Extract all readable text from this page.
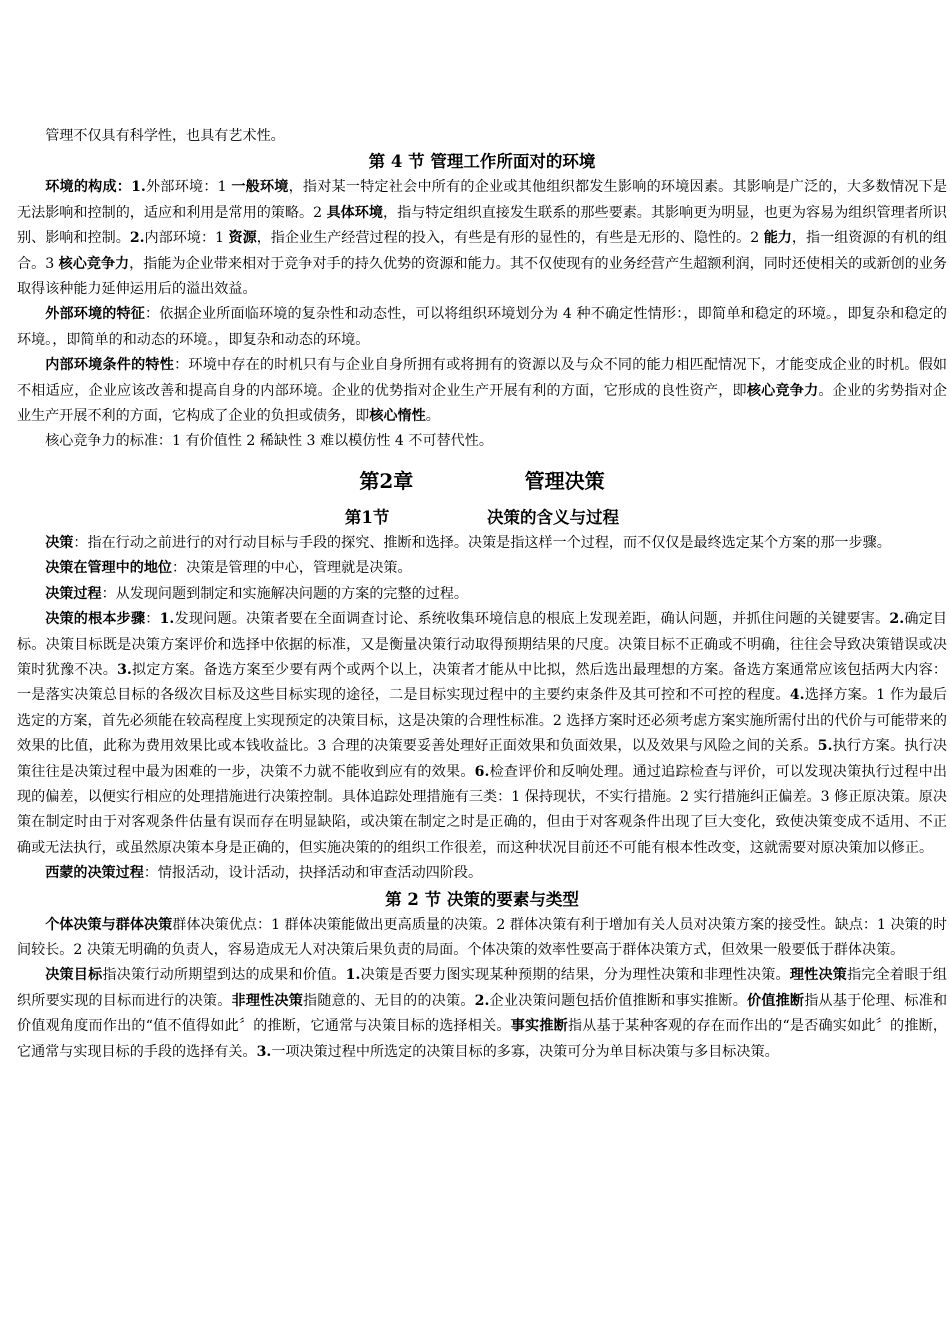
管理不仅具有科学性，也具有艺术性。

第 4 节 管理工作所面对的环境

环境的构成：1.外部环境：1 一般环境，指对某一特定社会中所有的企业或其他组织都发生影响的环境因素。其影响是广泛的，大多数情况下是无法影响和控制的，适应和利用是常用的策略。2 具体环境，指与特定组织直接发生联系的那些要素。其影响更为明显，也更为容易为组织管理者所识别、影响和控制。2.内部环境：1 资源，指企业生产经营过程的投入，有些是有形的显性的，有些是无形的、隐性的。2 能力，指一组资源的有机的组合。3 核心竞争力，指能为企业带来相对于竞争对手的持久优势的资源和能力。其不仅使现有的业务经营产生超额利润，同时还使相关的或新创的业务取得该种能力延伸运用后的溢出效益。

外部环境的特征：依据企业所面临环境的复杂性和动态性，可以将组织环境划分为 4 种不确定性情形：，即简单和稳定的环境。，即复杂和稳定的环境。，即简单的和动态的环境。，即复杂和动态的环境。

内部环境条件的特性：环境中存在的时机只有与企业自身所拥有或将拥有的资源以及与众不同的能力相匹配情况下，才能变成企业的时机。假如不相适应，企业应该改善和提高自身的内部环境。企业的优势指对企业生产开展有利的方面，它形成的良性资产，即核心竞争力。企业的劣势指对企业生产开展不利的方面，它构成了企业的负担或债务，即核心惰性。

核心竞争力的标准：1 有价值性 2 稀缺性 3 难以模仿性 4 不可替代性。

第2章                管理决策
第1节                 决策的含义与过程

决策：指在行动之前进行的对行动目标与手段的探究、推断和选择。决策是指这样一个过程，而不仅仅是最终选定某个方案的那一步骤。

决策在管理中的地位：决策是管理的中心，管理就是决策。

决策过程：从发现问题到制定和实施解决问题的方案的完整的过程。

决策的根本步骤：1.发现问题。决策者要在全面调查讨论、系统收集环境信息的根底上发现差距，确认问题，并抓住问题的关键要害。2.确定目标。决策目标既是决策方案评价和选择中依据的标准，又是衡量决策行动取得预期结果的尺度。决策目标不正确或不明确，往往会导致决策错误或决策时犹豫不决。3.拟定方案。备选方案至少要有两个或两个以上，决策者才能从中比拟，然后选出最理想的方案。备选方案通常应该包括两大内容：一是落实决策总目标的各级次目标及这些目标实现的途径，二是目标实现过程中的主要约束条件及其可控和不可控的程度。4.选择方案。1 作为最后选定的方案，首先必须能在较高程度上实现预定的决策目标，这是决策的合理性标准。2 选择方案时还必须考虑方案实施所需付出的代价与可能带来的效果的比值，此称为费用效果比或本钱收益比。3 合理的决策要妥善处理好正面效果和负面效果，以及效果与风险之间的关系。5.执行方案。执行决策往往是决策过程中最为困难的一步，决策不力就不能收到应有的效果。6.检查评价和反响处理。通过追踪检查与评价，可以发现决策执行过程中出现的偏差，以便实行相应的处理措施进行决策控制。具体追踪处理措施有三类：1 保持现状，不实行措施。2 实行措施纠正偏差。3 修正原决策。原决策在制定时由于对客观条件估量有误而存在明显缺陷，或决策在制定之时是正确的，但由于对客观条件出现了巨大变化，致使决策变成不适用、不正确或无法执行，或虽然原决策本身是正确的，但实施决策的的组织工作很差，而这种状况目前还不可能有根本性改变，这就需要对原决策加以修正。

西蒙的决策过程：情报活动，设计活动，抉择活动和审查活动四阶段。

第 2 节 决策的要素与类型

个体决策与群体决策群体决策优点：1 群体决策能做出更高质量的决策。2 群体决策有利于增加有关人员对决策方案的接受性。缺点：1 决策的时间较长。2 决策无明确的负责人，容易造成无人对决策后果负责的局面。个体决策的效率性要高于群体决策方式，但效果一般要低于群体决策。

决策目标指决策行动所期望到达的成果和价值。1.决策是否要力图实现某种预期的结果，分为理性决策和非理性决策。理性决策指完全着眼于组织所要实现的目标而进行的决策。非理性决策指随意的、无目的的决策。2.企业决策问题包括价值推断和事实推断。价值推断指从基于伦理、标准和价值观角度而作出的“值不值得如此〞的推断，它通常与决策目标的选择相关。事实推断指从基于某种客观的存在而作出的“是否确实如此〞的推断，它通常与实现目标的手段的选择有关。3.一项决策过程中所选定的决策目标的多寡，决策可分为单目标决策与多目标决策。
